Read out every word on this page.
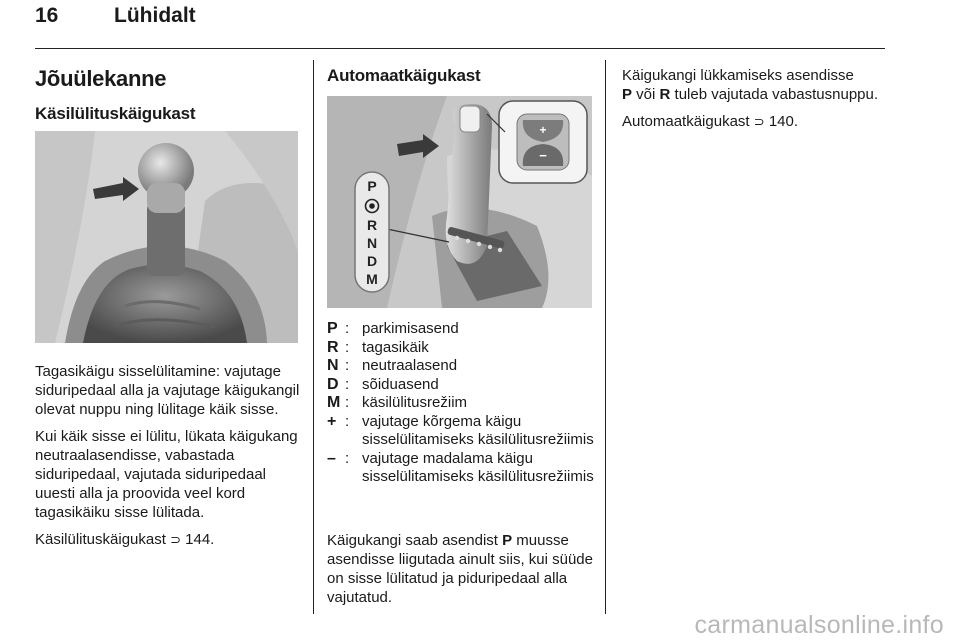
16	Lühidalt
Jõuülekanne
Käsilülituskäigukast

Tagasikäigu sisselülitamine: vajutage siduripedaal alla ja vajutage käigukangil olevat nuppu ning lülitage käik sisse.

Kui käik sisse ei lülitu, lükata käigukang neutraalasendisse, vabastada siduripedaal, vajutada siduripedaal uuesti alla ja proovida veel kord tagasikäiku sisse lülitada.

Käsilülituskäigukast ⊃ 144.

Automaatkäigukast
+
−
P
R
N
D
M
P : parkimisasend
R : tagasikäik
N : neutraalasend
D : sõiduasend
M : käsilülitusrežiim
+ : vajutage kõrgema käigu sisselülitamiseks käsilülitusrežiimis
– : vajutage madalama käigu sisselülitamiseks käsilülitusrežiimis

Käigukangi saab asendist P muusse asendisse liigutada ainult siis, kui süüde on sisse lülitatud ja piduripedaal alla vajutatud.

Käigukangi lükkamiseks asendisse
P või R tuleb vajutada vabastusnuppu.

Automaatkäigukast ⊃ 140.

carmanualsonline.info
